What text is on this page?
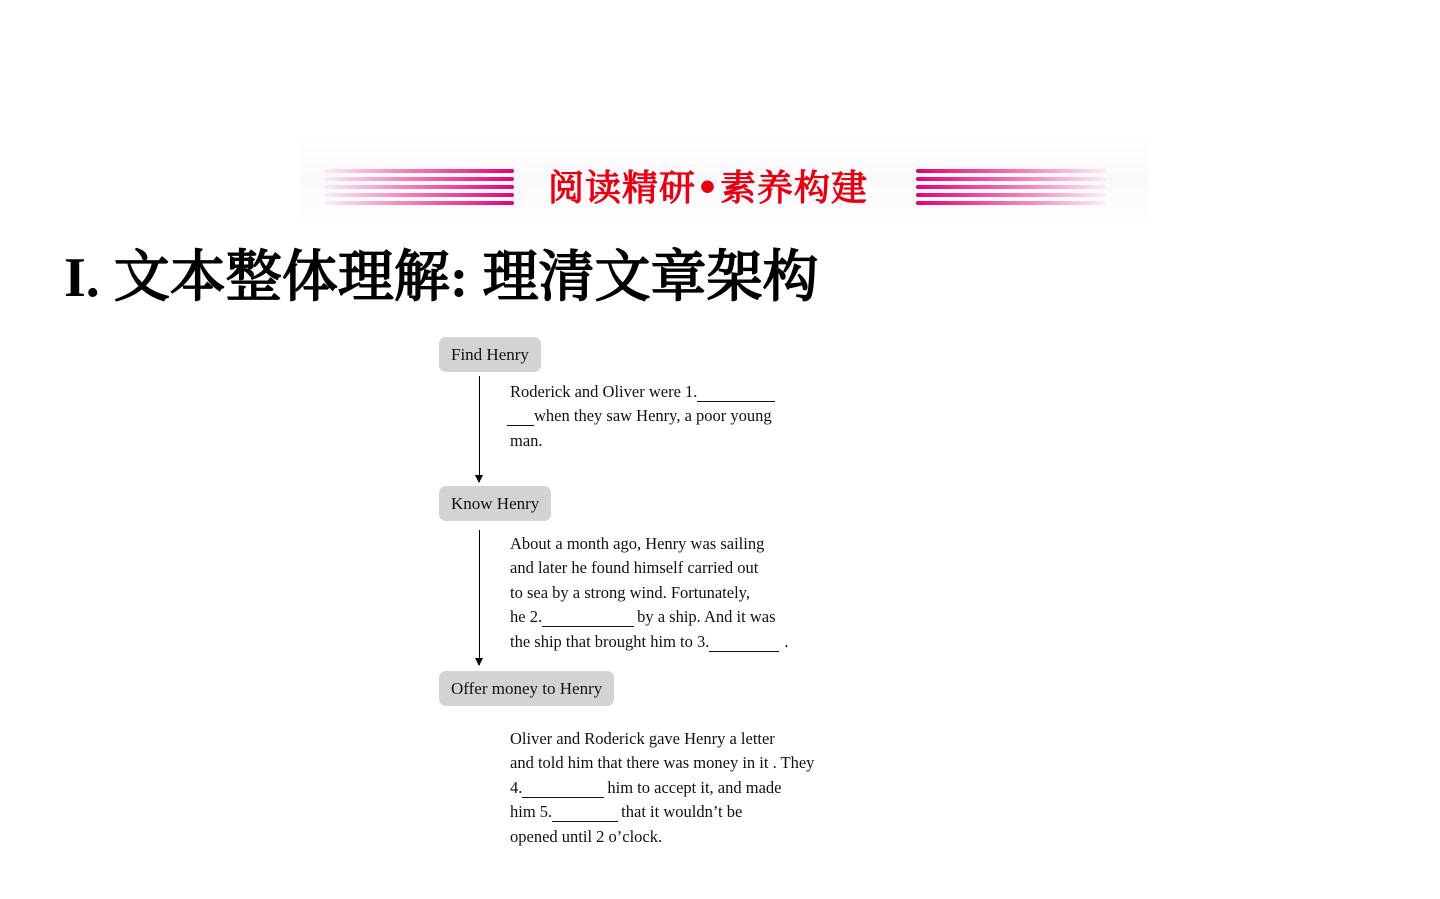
阅读精研•素养构建
I. 文本整体理解: 理清文章架构
Find Henry
Roderick and Oliver were 1.
when they saw Henry, a poor young
man.
Know Henry
About a month ago, Henry was sailing
and later he found himself carried out
to sea by a strong wind. Fortunately,
he 2.	by a ship. And it was
the ship that brought him to 3.	.
Offer money to Henry
Oliver and Roderick gave Henry a letter
and told him that there was money in it . They
4.	him to accept it, and made
him 5.	that it wouldn’t be
opened until 2 o’clock.
